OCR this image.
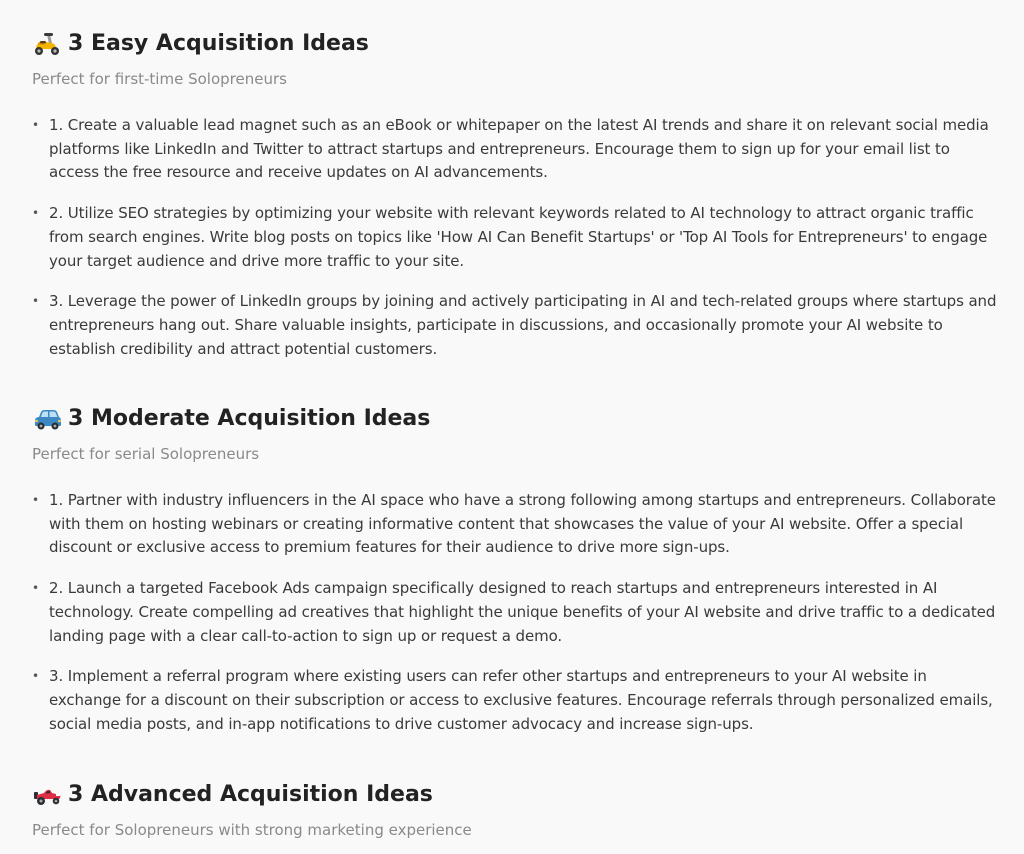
3 Easy Acquisition Ideas

Perfect for first-time Solopreneurs

• 1. Create a valuable lead magnet such as an eBook or whitepaper on the latest AI trends and share it on relevant social media platforms like LinkedIn and Twitter to attract startups and entrepreneurs. Encourage them to sign up for your email list to access the free resource and receive updates on AI advancements.
• 2. Utilize SEO strategies by optimizing your website with relevant keywords related to AI technology to attract organic traffic from search engines. Write blog posts on topics like 'How AI Can Benefit Startups' or 'Top AI Tools for Entrepreneurs' to engage your target audience and drive more traffic to your site.
• 3. Leverage the power of LinkedIn groups by joining and actively participating in AI and tech-related groups where startups and entrepreneurs hang out. Share valuable insights, participate in discussions, and occasionally promote your AI website to establish credibility and attract potential customers.
3 Moderate Acquisition Ideas

Perfect for serial Solopreneurs

• 1. Partner with industry influencers in the AI space who have a strong following among startups and entrepreneurs. Collaborate with them on hosting webinars or creating informative content that showcases the value of your AI website. Offer a special discount or exclusive access to premium features for their audience to drive more sign-ups.
• 2. Launch a targeted Facebook Ads campaign specifically designed to reach startups and entrepreneurs interested in AI technology. Create compelling ad creatives that highlight the unique benefits of your AI website and drive traffic to a dedicated landing page with a clear call-to-action to sign up or request a demo.
• 3. Implement a referral program where existing users can refer other startups and entrepreneurs to your AI website in exchange for a discount on their subscription or access to exclusive features. Encourage referrals through personalized emails, social media posts, and in-app notifications to drive customer advocacy and increase sign-ups.
3 Advanced Acquisition Ideas

Perfect for Solopreneurs with strong marketing experience
